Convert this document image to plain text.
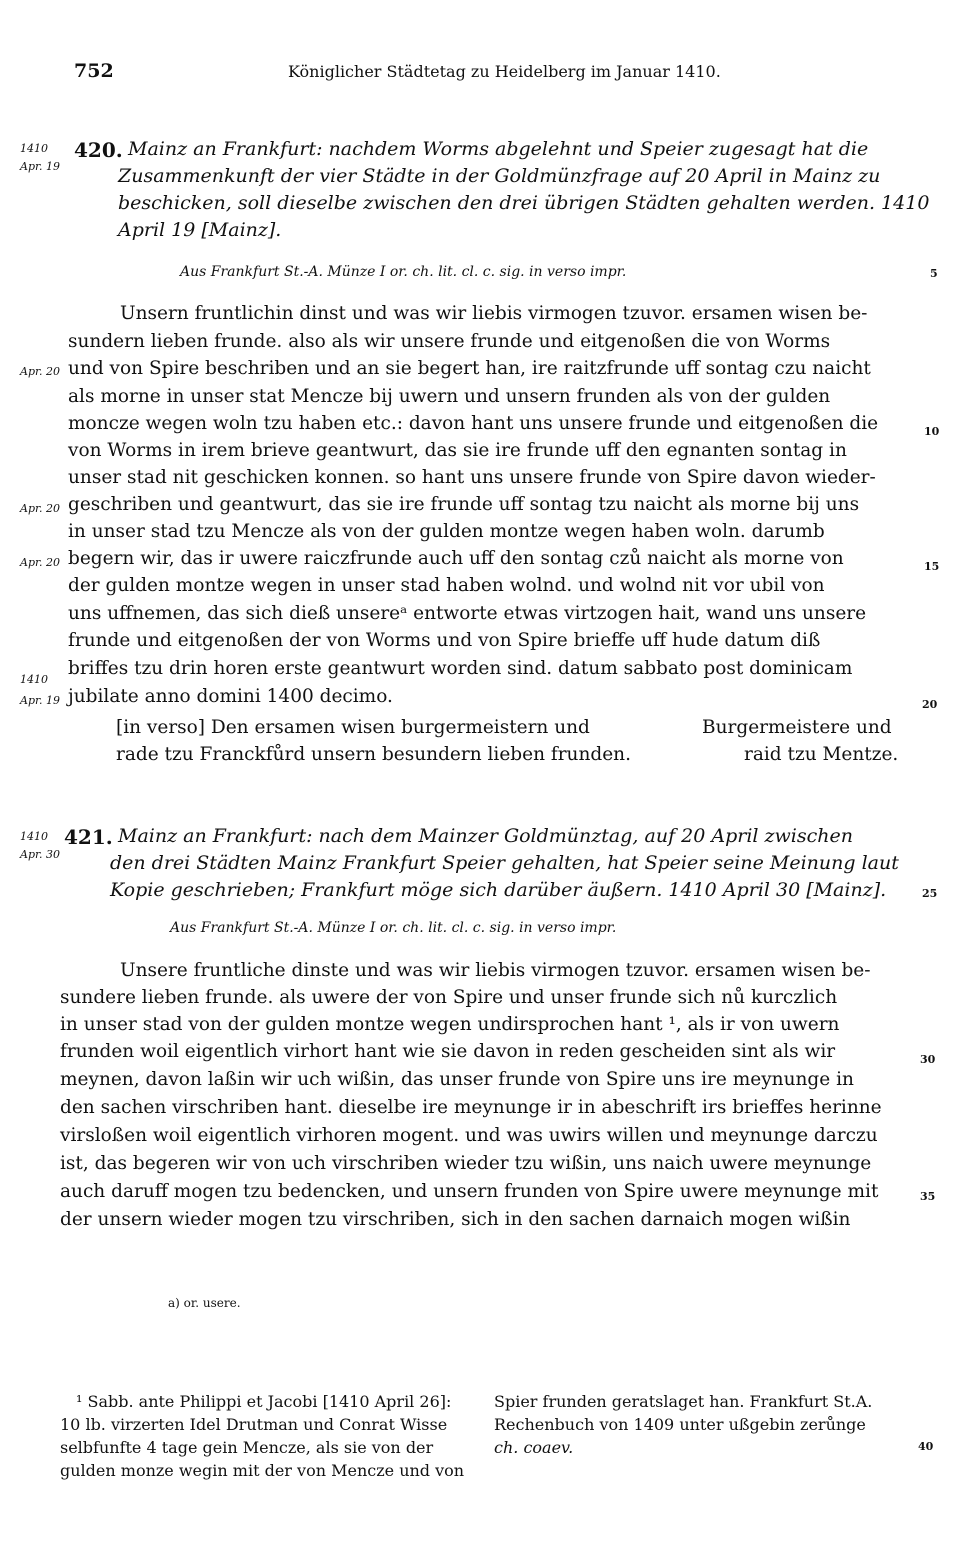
752	Königlicher Städtetag zu Heidelberg im Januar 1410.
1410
Apr. 19
420. Mainz an Frankfurt: nachdem Worms abgelehnt und Speier zugesagt hat die
Zusammenkunft der vier Städte in der Goldmünzfrage auf 20 April in Mainz zu
beschicken, soll dieselbe zwischen den drei übrigen Städten gehalten werden. 1410
April 19 [Mainz].
Aus Frankfurt St.-A. Münze I or. ch. lit. cl. c. sig. in verso impr.
Unsern fruntlichin dinst und was wir liebis virmogen tzuvor. ersamen wisen be-
sundern lieben frunde. also als wir unsere frunde und eitgenoßen die von Worms
und von Spire beschriben und an sie begert han, ire raitzfrunde uff sontag czu naicht
als morne in unser stat Mencze bij uwern und unsern frunden als von der gulden
moncze wegen woln tzu haben etc.: davon hant uns unsere frunde und eitgenoßen die
von Worms in irem brieve geantwurt, das sie ire frunde uff den egnanten sontag in
unser stad nit geschicken konnen. so hant uns unsere frunde von Spire davon wieder-
geschriben und geantwurt, das sie ire frunde uff sontag tzu naicht als morne bij uns
in unser stad tzu Mencze als von der gulden montze wegen haben woln. darumb
begern wir, das ir uwere raiczfrunde auch uff den sontag czů naicht als morne von
der gulden montze wegen in unser stad haben wolnd. und wolnd nit vor ubil von
uns uffnemen, das sich dieß unsereᵃ entworte etwas virtzogen hait, wand uns unsere
frunde und eitgenoßen der von Worms und von Spire brieffe uff hude datum diß
briffes tzu drin horen erste geantwurt worden sind. datum sabbato post dominicam
jubilate anno domini 1400 decimo.
Apr. 20
Apr. 20
Apr. 20
1410
Apr. 19
[in verso] Den ersamen wisen burgermeistern und
rade tzu Franckfůrd unsern besundern lieben frunden.
Burgermeistere und
raid tzu Mentze.
1410
Apr. 30
421. Mainz an Frankfurt: nach dem Mainzer Goldmünztag, auf 20 April zwischen
den drei Städten Mainz Frankfurt Speier gehalten, hat Speier seine Meinung laut
Kopie geschrieben; Frankfurt möge sich darüber äußern. 1410 April 30 [Mainz].
Aus Frankfurt St.-A. Münze I or. ch. lit. cl. c. sig. in verso impr.
Unsere fruntliche dinste und was wir liebis virmogen tzuvor. ersamen wisen be-
sundere lieben frunde. als uwere der von Spire und unser frunde sich nů kurczlich
in unser stad von der gulden montze wegen undirsprochen hant ¹, als ir von uwern
frunden woil eigentlich virhort hant wie sie davon in reden gescheiden sint als wir
meynen, davon laßin wir uch wißin, das unser frunde von Spire uns ire meynunge in
den sachen virschriben hant. dieselbe ire meynunge ir in abeschrift irs brieffes herinne
virsloßen woil eigentlich virhoren mogent. und was uwirs willen und meynunge darczu
ist, das begeren wir von uch virschriben wieder tzu wißin, uns naich uwere meynunge
auch daruff mogen tzu bedencken, und unsern frunden von Spire uwere meynunge mit
der unsern wieder mogen tzu virschriben, sich in den sachen darnaich mogen wißin
5
10
15
20
25
30
35
40
a) or. usere.
¹ Sabb. ante Philippi et Jacobi [1410 April 26]:
10 lb. virzerten Idel Drutman und Conrat Wisse
selbfunfte 4 tage gein Mencze, als sie von der
gulden monze wegin mit der von Mencze und von
Spier frunden geratslaget han. Frankfurt St.A.
Rechenbuch von 1409 unter ußgebin zerůnge
ch. coaev.
